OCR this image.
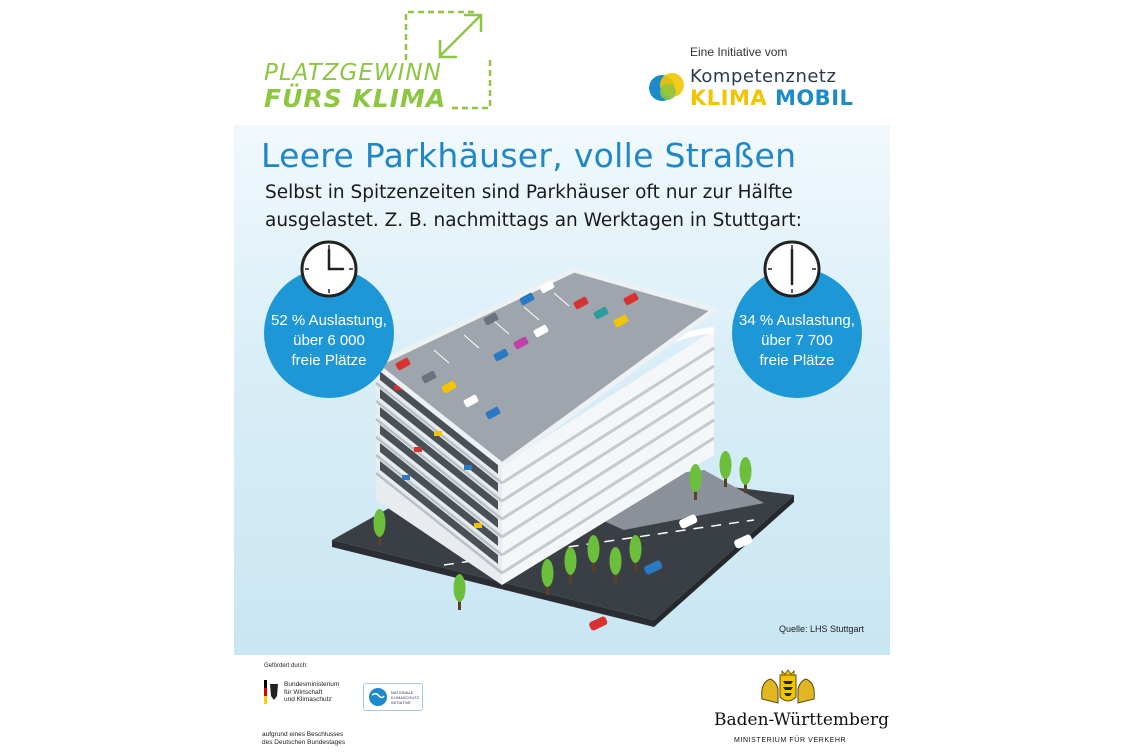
PLATZGEWINN
FÜRS KLIMA
Eine Initiative vom
Kompetenznetz
KLIMA MOBIL
Leere Parkhäuser, volle Straßen
Selbst in Spitzenzeiten sind Parkhäuser oft nur zur Hälfte
ausgelastet. Z. B. nachmittags an Werktagen in Stuttgart:
52 % Auslastung,
über 6 000
freie Plätze
34 % Auslastung,
über 7 700
freie Plätze
Quelle: LHS Stuttgart
Gefördert durch:
Bundesministerium
für Wirtschaft
und Klimaschutz
NATIONALE
KLIMASCHUTZ
INITIATIVE
aufgrund eines Beschlusses
des Deutschen Bundestages
Baden-Württemberg
MINISTERIUM FÜR VERKEHR
